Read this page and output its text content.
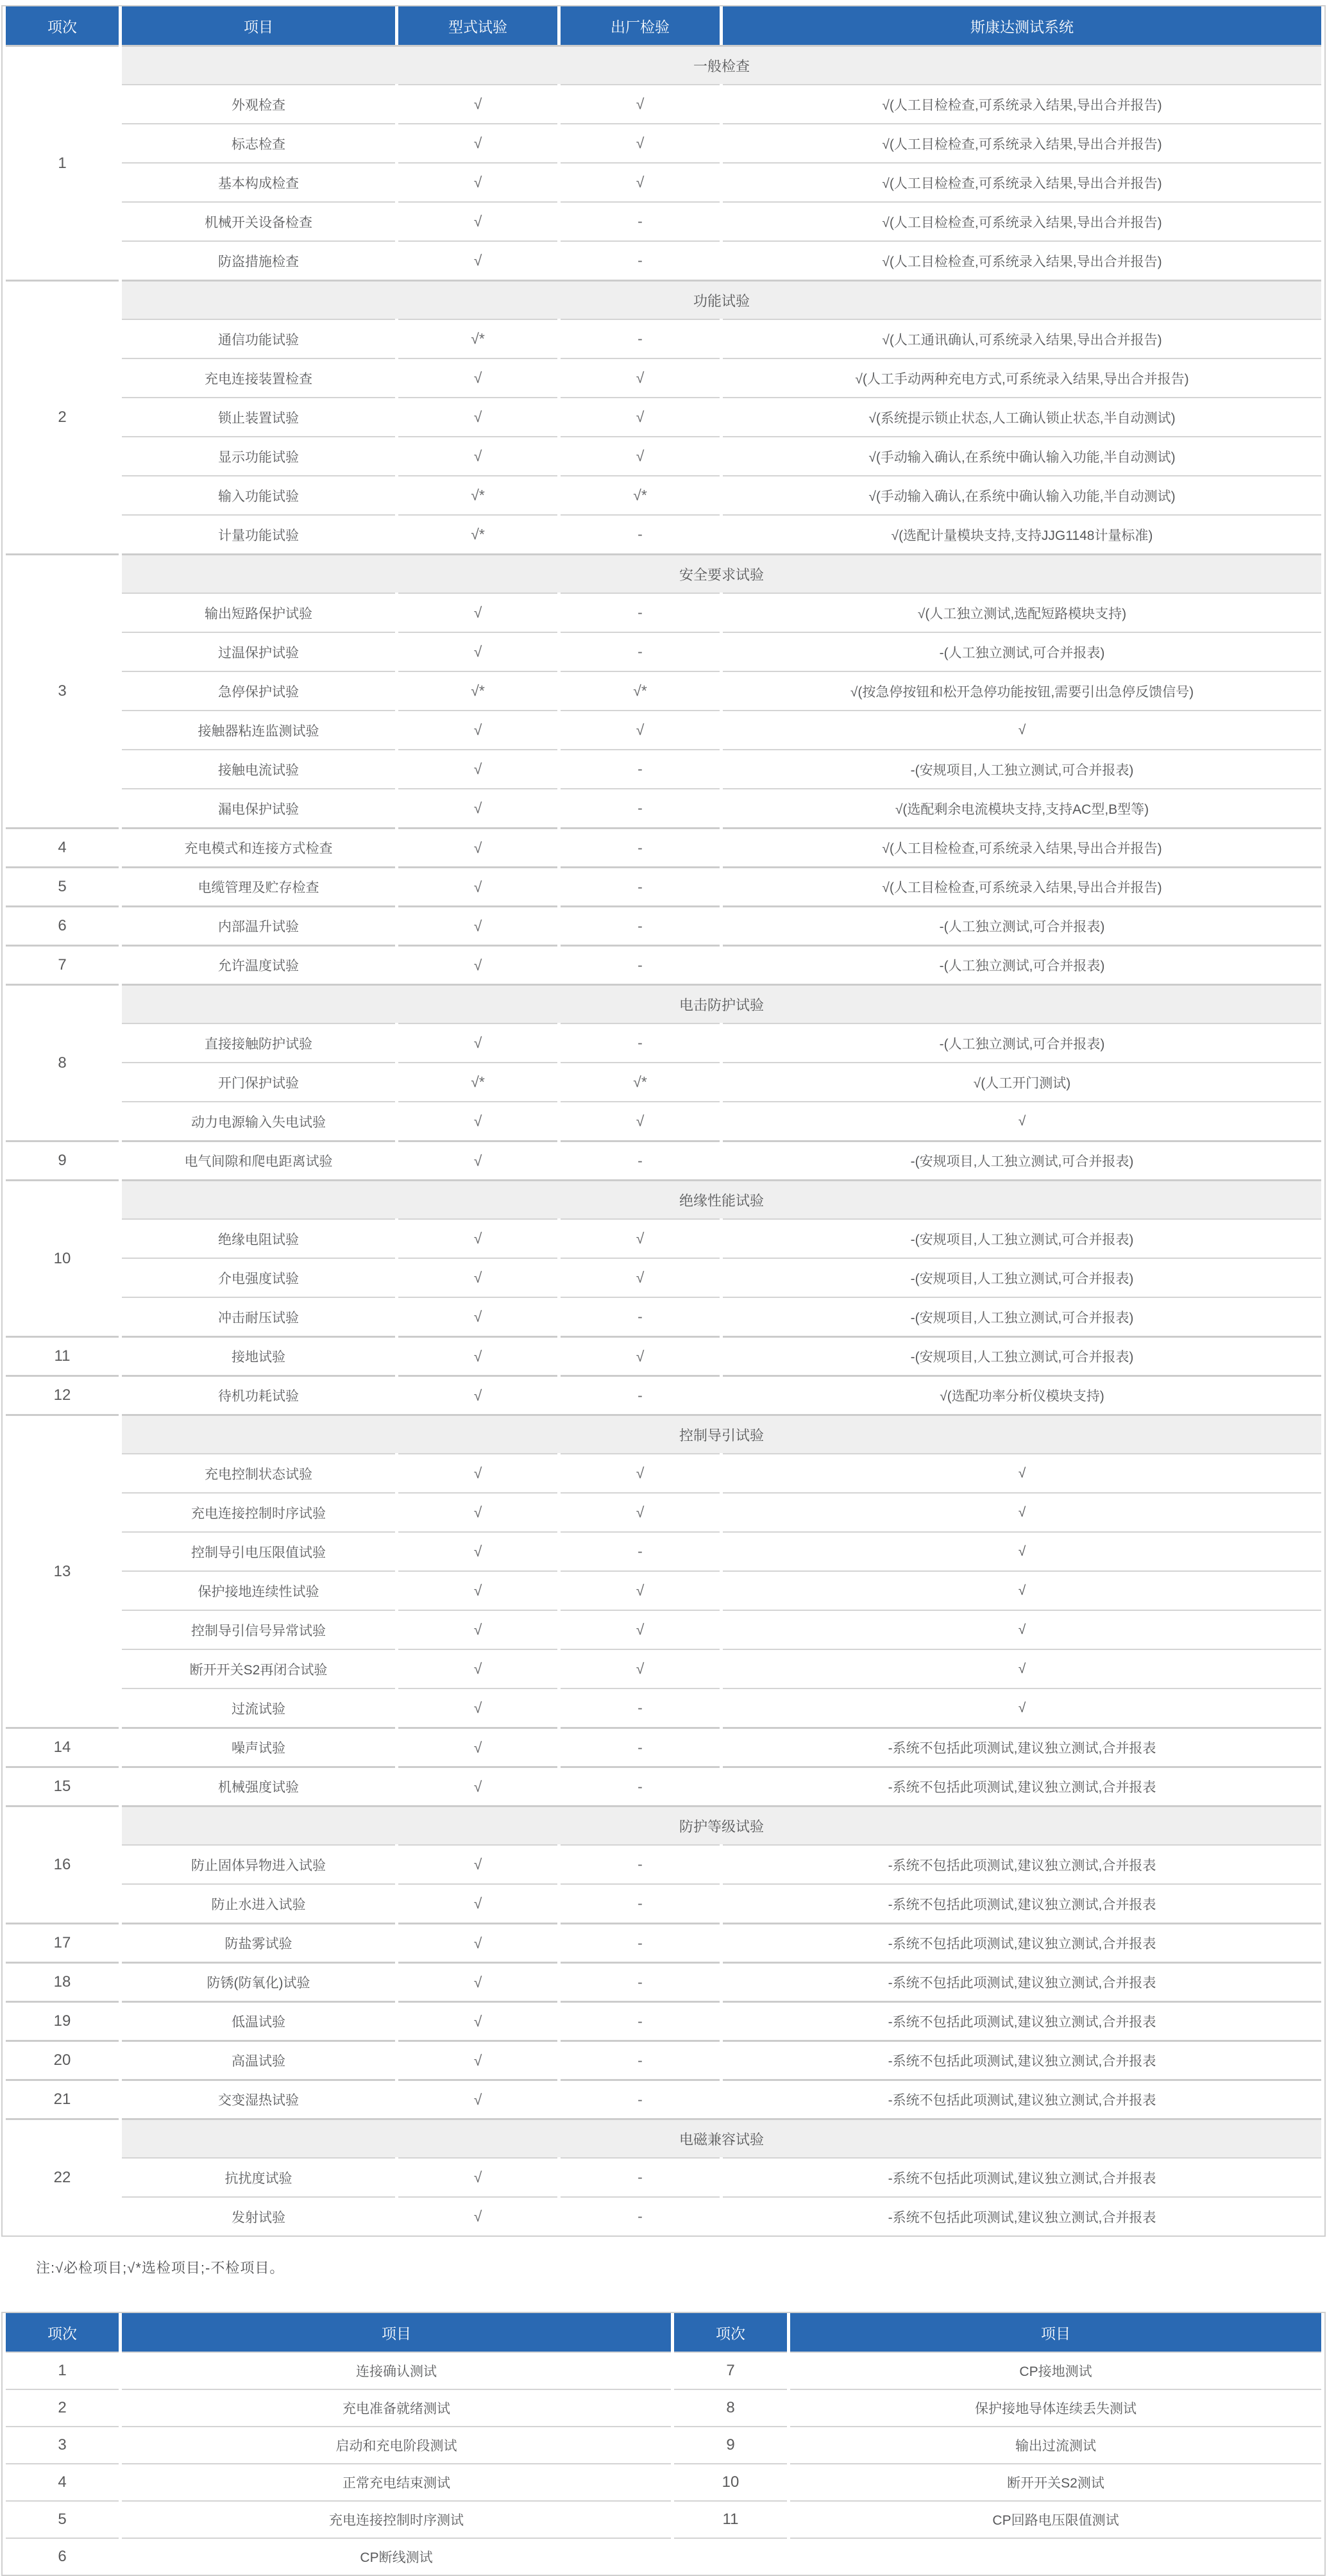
项次	项目	型式试验	出厂检验	斯康达测试系统
1	一般检查			
	外观检查	√	√	√(人工目检检查,可系统录入结果,导出合并报告)
	标志检查	√	√	√(人工目检检查,可系统录入结果,导出合并报告)
	基本构成检查	√	√	√(人工目检检查,可系统录入结果,导出合并报告)
	机械开关设备检查	√	-	√(人工目检检查,可系统录入结果,导出合并报告)
	防盗措施检查	√	-	√(人工目检检查,可系统录入结果,导出合并报告)
2	功能试验			
	通信功能试验	√*	-	√(人工通讯确认,可系统录入结果,导出合并报告)
	充电连接装置检查	√	√	√(人工手动两种充电方式,可系统录入结果,导出合并报告)
	锁止装置试验	√	√	√(系统提示锁止状态,人工确认锁止状态,半自动测试)
	显示功能试验	√	√	√(手动输入确认,在系统中确认输入功能,半自动测试)
	输入功能试验	√*	√*	√(手动输入确认,在系统中确认输入功能,半自动测试)
	计量功能试验	√*	-	√(选配计量模块支持,支持JJG1148计量标准)
3	安全要求试验			
	输出短路保护试验	√	-	√(人工独立测试,选配短路模块支持)
	过温保护试验	√	-	-(人工独立测试,可合并报表)
	急停保护试验	√*	√*	√(按急停按钮和松开急停功能按钮,需要引出急停反馈信号)
	接触器粘连监测试验	√	√	√
	接触电流试验	√	-	-(安规项目,人工独立测试,可合并报表)
	漏电保护试验	√	-	√(选配剩余电流模块支持,支持AC型,B型等)
4	充电模式和连接方式检查	√	-	√(人工目检检查,可系统录入结果,导出合并报告)
5	电缆管理及贮存检查	√	-	√(人工目检检查,可系统录入结果,导出合并报告)
6	内部温升试验	√	-	-(人工独立测试,可合并报表)
7	允许温度试验	√	-	-(人工独立测试,可合并报表)
8	电击防护试验			
	直接接触防护试验	√	-	-(人工独立测试,可合并报表)
	开门保护试验	√*	√*	√(人工开门测试)
	动力电源输入失电试验	√	√	√
9	电气间隙和爬电距离试验	√	-	-(安规项目,人工独立测试,可合并报表)
10	绝缘性能试验			
	绝缘电阻试验	√	√	-(安规项目,人工独立测试,可合并报表)
	介电强度试验	√	√	-(安规项目,人工独立测试,可合并报表)
	冲击耐压试验	√	-	-(安规项目,人工独立测试,可合并报表)
11	接地试验	√	√	-(安规项目,人工独立测试,可合并报表)
12	待机功耗试验	√	-	√(选配功率分析仪模块支持)
13	控制导引试验			
	充电控制状态试验	√	√	√
	充电连接控制时序试验	√	√	√
	控制导引电压限值试验	√	-	√
	保护接地连续性试验	√	√	√
	控制导引信号异常试验	√	√	√
	断开开关S2再闭合试验	√	√	√
	过流试验	√	-	√
14	噪声试验	√	-	-系统不包括此项测试,建议独立测试,合并报表
15	机械强度试验	√	-	-系统不包括此项测试,建议独立测试,合并报表
16	防护等级试验			
	防止固体异物进入试验	√	-	-系统不包括此项测试,建议独立测试,合并报表
	防止水进入试验	√	-	-系统不包括此项测试,建议独立测试,合并报表
17	防盐雾试验	√	-	-系统不包括此项测试,建议独立测试,合并报表
18	防锈(防氧化)试验	√	-	-系统不包括此项测试,建议独立测试,合并报表
19	低温试验	√	-	-系统不包括此项测试,建议独立测试,合并报表
20	高温试验	√	-	-系统不包括此项测试,建议独立测试,合并报表
21	交变湿热试验	√	-	-系统不包括此项测试,建议独立测试,合并报表
22	电磁兼容试验			
	抗扰度试验	√	-	-系统不包括此项测试,建议独立测试,合并报表
	发射试验	√	-	-系统不包括此项测试,建议独立测试,合并报表
注:√必检项目;√*选检项目;-不检项目。
项次	项目	项次	项目
1	连接确认测试	7	CP接地测试
2	充电准备就绪测试	8	保护接地导体连续丢失测试
3	启动和充电阶段测试	9	输出过流测试
4	正常充电结束测试	10	断开开关S2测试
5	充电连接控制时序测试	11	CP回路电压限值测试
6	CP断线测试		
